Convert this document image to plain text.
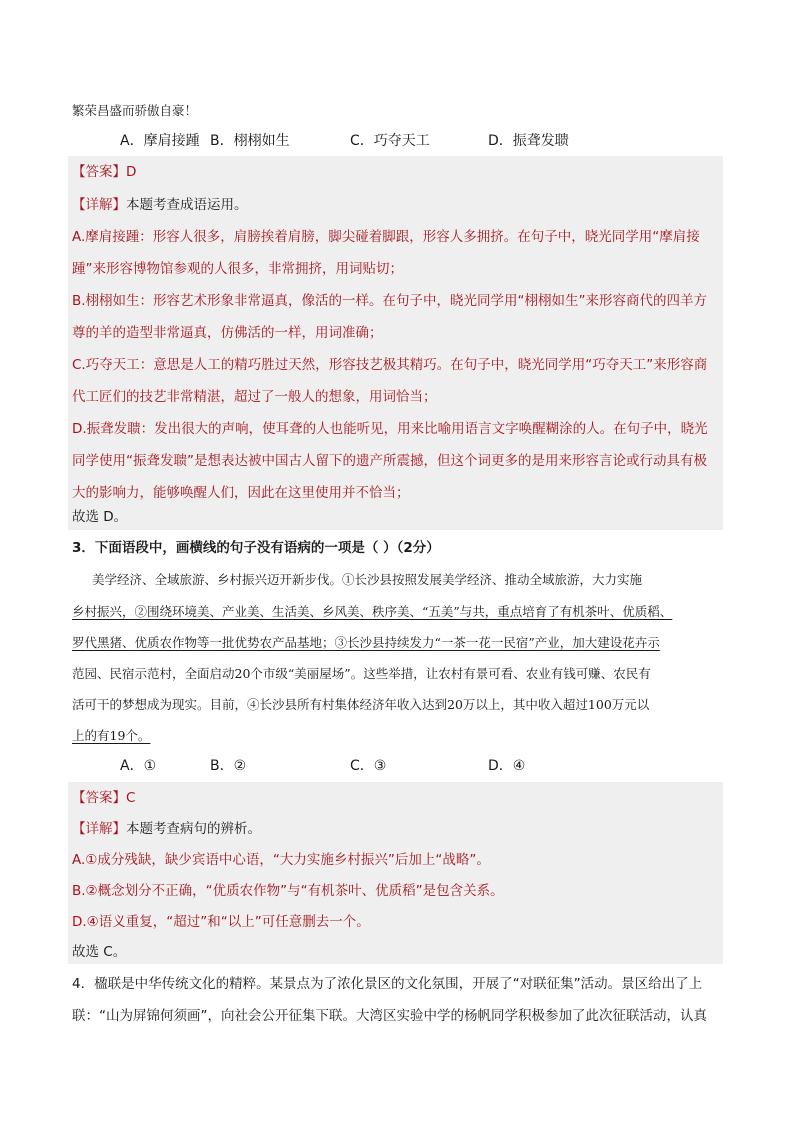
繁荣昌盛而骄傲自豪！
A．摩肩接踵 B．栩栩如生	C．巧夺天工	D．振聋发聩
【答案】D
【详解】本题考查成语运用。
A.摩肩接踵：形容人很多，肩膀挨着肩膀，脚尖碰着脚跟，形容人多拥挤。在句子中，晓光同学用“摩肩接
踵”来形容博物馆参观的人很多，非常拥挤，用词贴切；
B.栩栩如生：形容艺术形象非常逼真，像活的一样。在句子中，晓光同学用“栩栩如生”来形容商代的四羊方
尊的羊的造型非常逼真，仿佛活的一样，用词准确；
C.巧夺天工：意思是人工的精巧胜过天然，形容技艺极其精巧。在句子中，晓光同学用“巧夺天工”来形容商
代工匠们的技艺非常精湛，超过了一般人的想象，用词恰当；
D.振聋发聩：发出很大的声响，使耳聋的人也能听见，用来比喻用语言文字唤醒糊涂的人。在句子中，晓光
同学使用“振聋发聩”是想表达被中国古人留下的遗产所震撼，但这个词更多的是用来形容言论或行动具有极
大的影响力，能够唤醒人们，因此在这里使用并不恰当；
故选 D。
3．下面语段中，画横线的句子没有语病的一项是（ ）（2分）
美学经济、全域旅游、乡村振兴迈开新步伐。①长沙县按照发展美学经济、推动全域旅游，大力实施
乡村振兴，②围绕环境美、产业美、生活美、乡风美、秩序美、“五美”与共，重点培育了有机茶叶、优质稻、
罗代黑猪、优质农作物等一批优势农产品基地；③长沙县持续发力“一茶一花一民宿”产业，加大建设花卉示
范园、民宿示范村，全面启动20个市级“美丽屋场”。这些举措，让农村有景可看、农业有钱可赚、农民有
活可干的梦想成为现实。目前，④长沙县所有村集体经济年收入达到20万以上，其中收入超过100万元以
上的有19个。
A．①	B．②	C．③	D．④
【答案】C
【详解】本题考查病句的辨析。
A.①成分残缺，缺少宾语中心语，“大力实施乡村振兴”后加上“战略”。
B.②概念划分不正确，“优质农作物”与“有机茶叶、优质稻”是包含关系。
D.④语义重复，“超过”和“以上”可任意删去一个。
故选 C。
4．楹联是中华传统文化的精粹。某景点为了浓化景区的文化氛围，开展了“对联征集”活动。景区给出了上
联：“山为屏锦何须画”，向社会公开征集下联。大湾区实验中学的杨帆同学积极参加了此次征联活动，认真
